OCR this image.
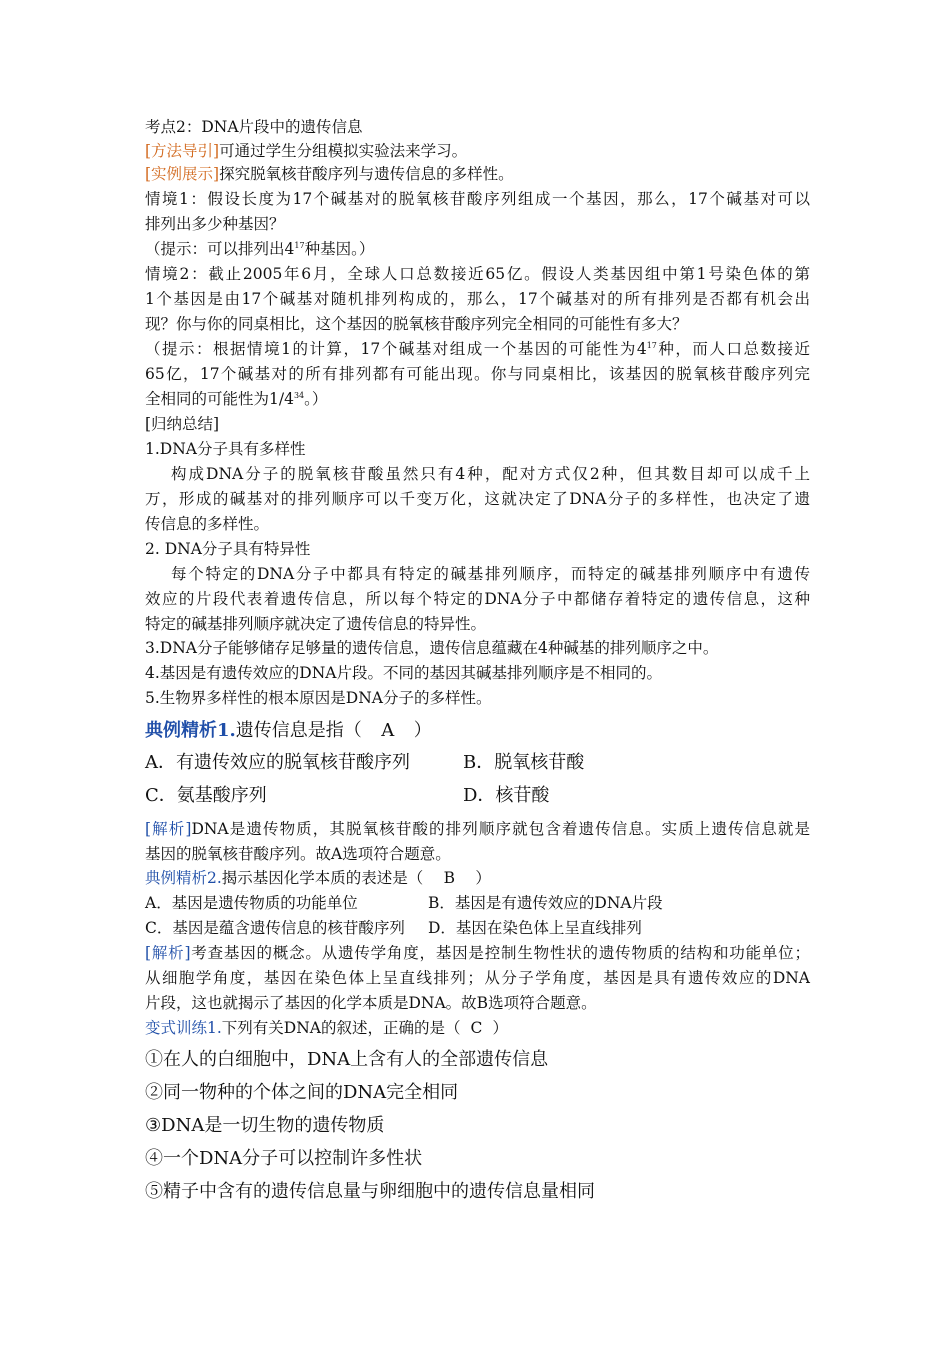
考点2：DNA片段中的遗传信息
[方法导引]可通过学生分组模拟实验法来学习。
[实例展示]探究脱氧核苷酸序列与遗传信息的多样性。
情境1：假设长度为17个碱基对的脱氧核苷酸序列组成一个基因，那么，17个碱基对可以
排列出多少种基因？
（提示：可以排列出$4^{17}$种基因。）
情境2：截止2005年6月，全球人口总数接近65亿。假设人类基因组中第1号染色体的第
1个基因是由17个碱基对随机排列构成的，那么，17个碱基对的所有排列是否都有机会出
现？你与你的同桌相比，这个基因的脱氧核苷酸序列完全相同的可能性有多大？
（提示：根据情境1的计算，17个碱基对组成一个基因的可能性为$4^{17}$种，而人口总数接近
65亿，17个碱基对的所有排列都有可能出现。你与同桌相比，该基因的脱氧核苷酸序列完
全相同的可能性为$1/4^{34}$。）
[归纳总结]
1.DNA分子具有多样性
构成DNA分子的脱氧核苷酸虽然只有4种，配对方式仅2种，但其数目却可以成千上
万，形成的碱基对的排列顺序可以千变万化，这就决定了DNA分子的多样性，也决定了遗
传信息的多样性。
2. DNA分子具有特异性
每个特定的DNA分子中都具有特定的碱基排列顺序，而特定的碱基排列顺序中有遗传
效应的片段代表着遗传信息，所以每个特定的DNA分子中都储存着特定的遗传信息，这种
特定的碱基排列顺序就决定了遗传信息的特异性。
3.DNA分子能够储存足够量的遗传信息，遗传信息蕴藏在4种碱基的排列顺序之中。
4.基因是有遗传效应的DNA片段。不同的基因其碱基排列顺序是不相同的。
5.生物界多样性的根本原因是DNA分子的多样性。
典例精析1.遗传信息是指（ A ）
A．有遗传效应的脱氧核苷酸序列	B．脱氧核苷酸
C．氨基酸序列	D．核苷酸
[解析]DNA是遗传物质，其脱氧核苷酸的排列顺序就包含着遗传信息。实质上遗传信息就是
基因的脱氧核苷酸序列。故A选项符合题意。
典例精析2.揭示基因化学本质的表述是（ B ）
A．基因是遗传物质的功能单位	B．基因是有遗传效应的DNA片段
C．基因是蕴含遗传信息的核苷酸序列 D．基因在染色体上呈直线排列
[解析]考查基因的概念。从遗传学角度，基因是控制生物性状的遗传物质的结构和功能单位；
从细胞学角度，基因在染色体上呈直线排列；从分子学角度，基因是具有遗传效应的DNA
片段，这也就揭示了基因的化学本质是DNA。故B选项符合题意。
变式训练1.下列有关DNA的叙述，正确的是（ C ）
①在人的白细胞中，DNA上含有人的全部遗传信息
②同一物种的个体之间的DNA完全相同
③DNA是一切生物的遗传物质
④一个DNA分子可以控制许多性状
⑤精子中含有的遗传信息量与卵细胞中的遗传信息量相同
